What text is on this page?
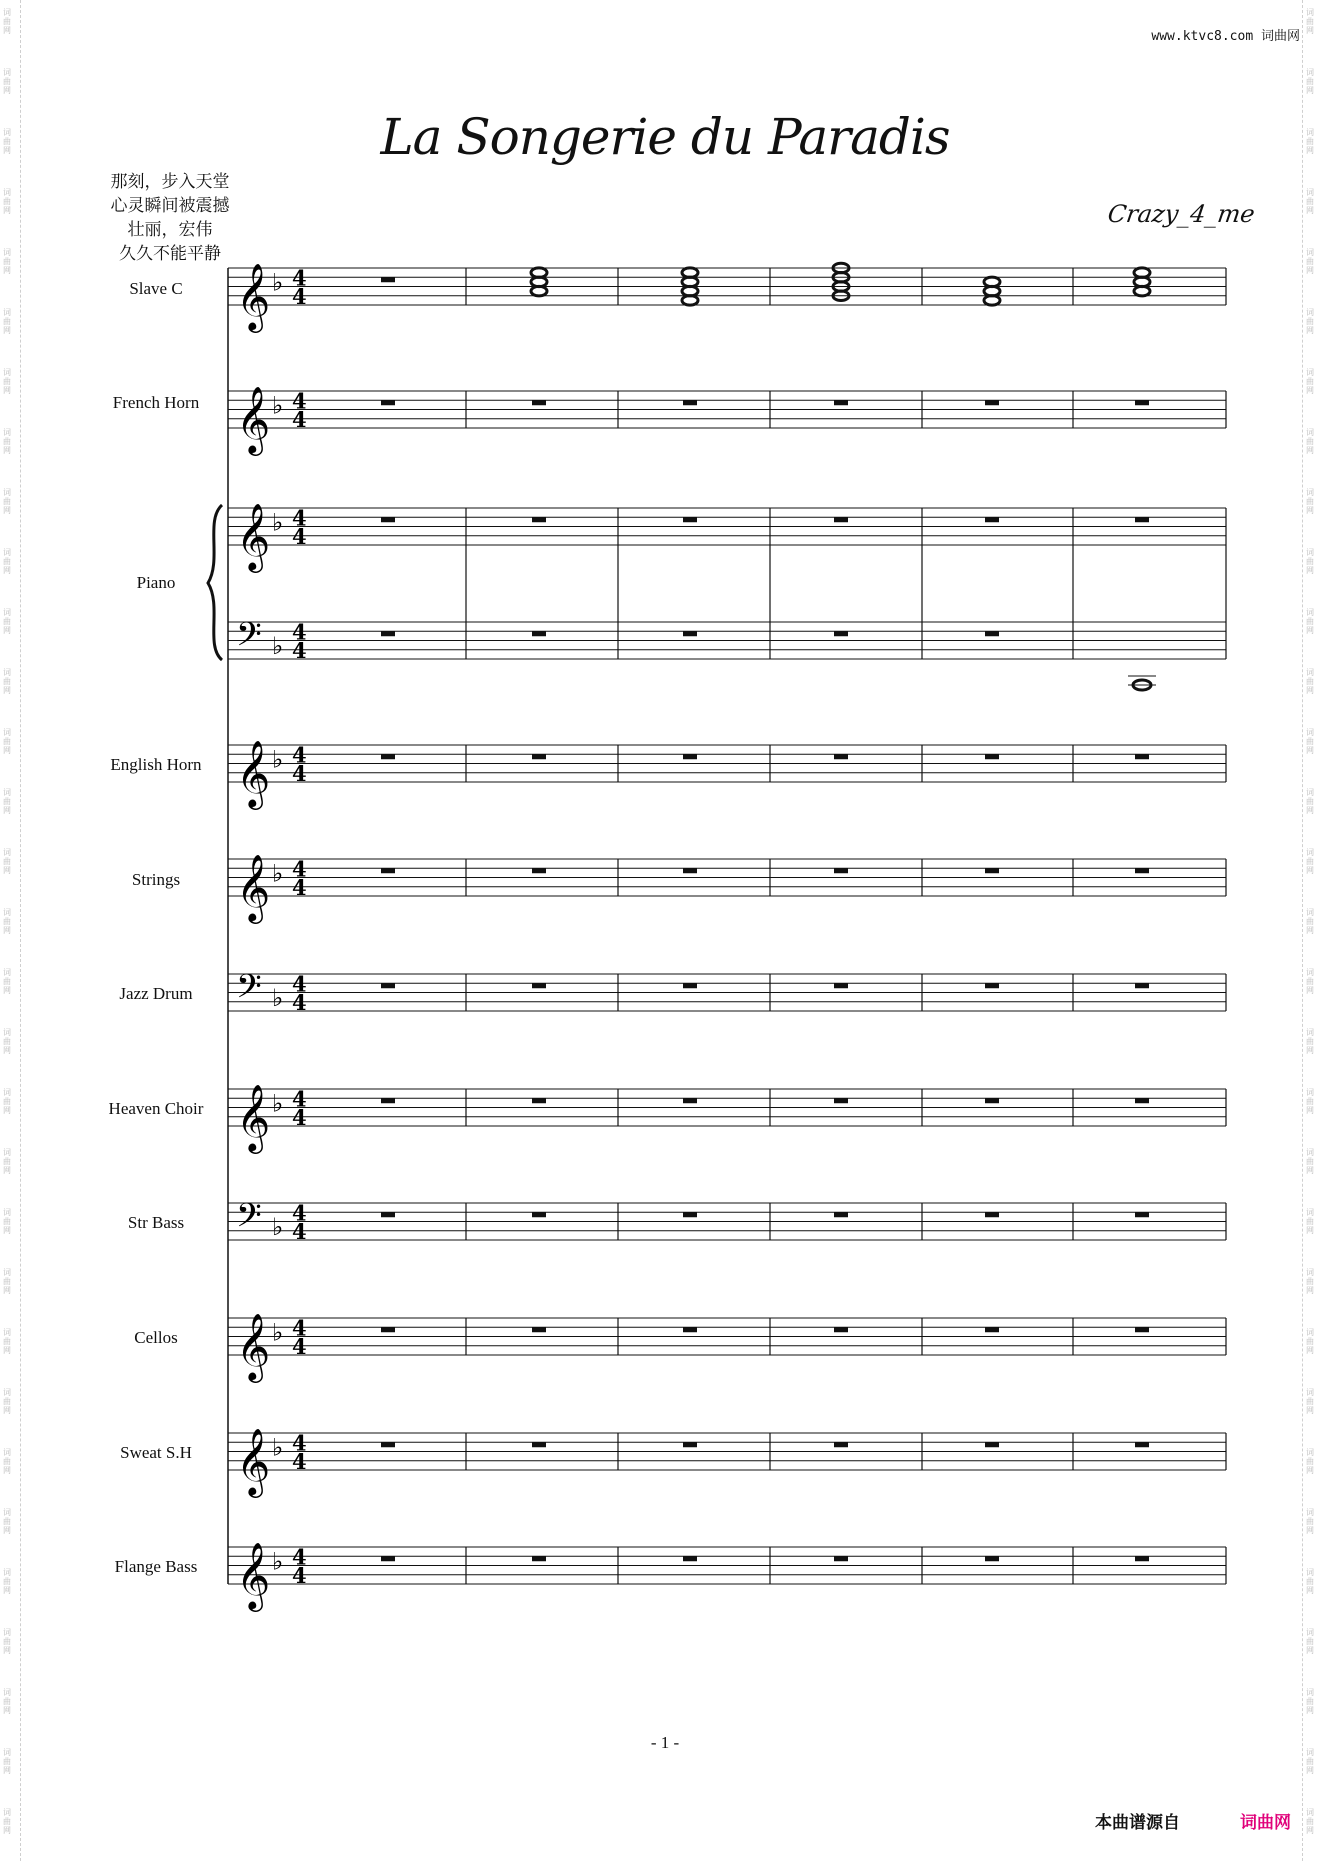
词
曲
网
词
曲
网
词
曲
网
词
曲
网
词
曲
网
词
曲
网
词
曲
网
词
曲
网
词
曲
网
词
曲
网
词
曲
网
词
曲
网
词
曲
网
词
曲
网
词
曲
网
词
曲
网
词
曲
网
词
曲
网
词
曲
网
词
曲
网
词
曲
网
词
曲
网
词
曲
网
词
曲
网
词
曲
网
词
曲
网
词
曲
网
词
曲
网
词
曲
网
词
曲
网
词
曲
网
词
曲
网
词
曲
网
词
曲
网
词
曲
网
词
曲
网
词
曲
网
词
曲
网
词
曲
网
词
曲
网
词
曲
网
词
曲
网
词
曲
网
词
曲
网
词
曲
网
词
曲
网
词
曲
网
词
曲
网
词
曲
网
词
曲
网
词
曲
网
词
曲
网
词
曲
网
词
曲
网
词
曲
网
词
曲
网
词
曲
网
词
曲
网
词
曲
网
词
曲
网
词
曲
网
词
曲
网
www.ktvc8.com 词曲网
La Songerie du Paradis
那刻，步入天堂
心灵瞬间被震撼
壮丽，宏伟
久久不能平静
Crazy_4_me
Slave C
French Horn
Piano
English Horn
Strings
Jazz Drum
Heaven Choir
Str Bass
Cellos
Sweat S.H
Flange Bass
𝄞 ♭ 4
4
𝄞 ♭ 4
4
𝄞 ♭ 4
4
𝄢 ♭ 4
4
𝄞 ♭ 4
4
𝄞 ♭ 4
4
𝄢 ♭ 4
4
𝄞 ♭ 4
4
𝄢 ♭ 4
4
𝄞 ♭ 4
4
𝄞 ♭ 4
4
𝄞 ♭ 4
4
- 1 -
本曲谱源自	词曲网
